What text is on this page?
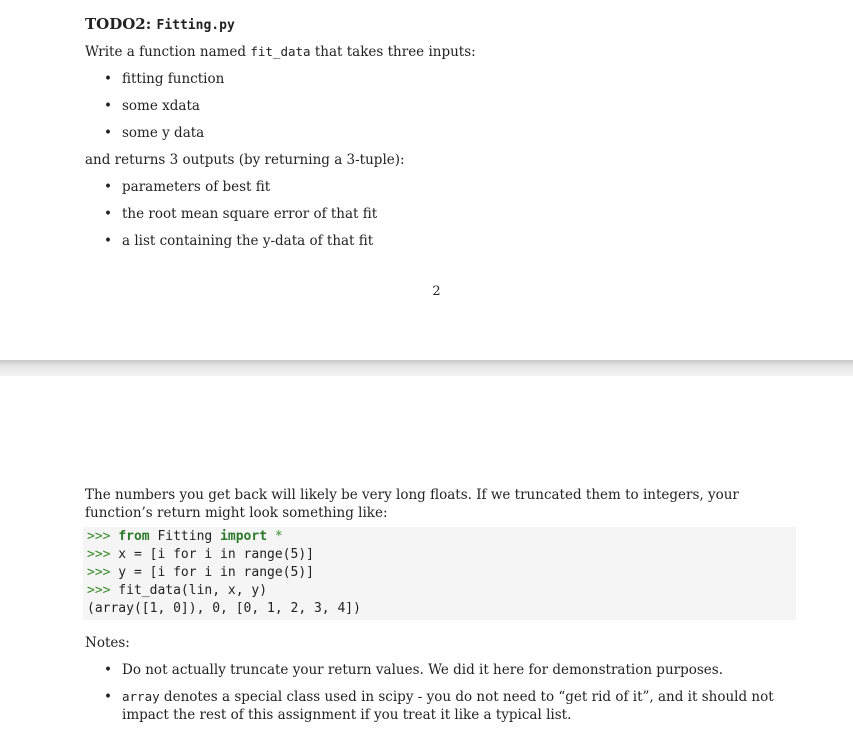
TODO2: Fitting.py
Write a function named fit_data that takes three inputs:
• fitting function
• some xdata
• some y data
and returns 3 outputs (by returning a 3-tuple):
• parameters of best fit
• the root mean square error of that fit
• a list containing the y-data of that fit
2
The numbers you get back will likely be very long floats. If we truncated them to integers, your function’s return might look something like:
>>> from Fitting import *
>>> x = [i for i in range(5)]
>>> y = [i for i in range(5)]
>>> fit_data(lin, x, y)
(array([1, 0]), 0, [0, 1, 2, 3, 4])
Notes:
• Do not actually truncate your return values. We did it here for demonstration purposes.
• array denotes a special class used in scipy - you do not need to “get rid of it”, and it should not impact the rest of this assignment if you treat it like a typical list.
